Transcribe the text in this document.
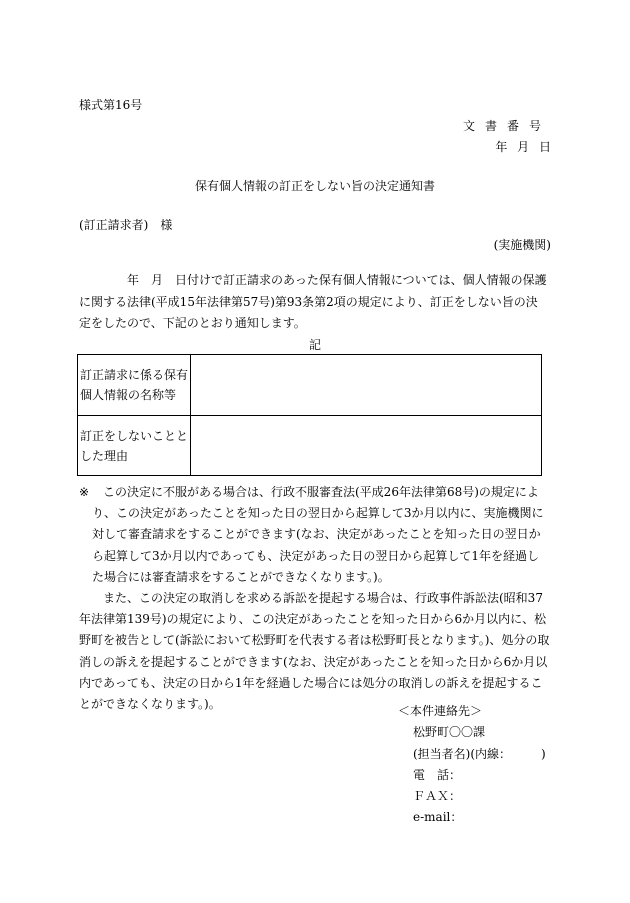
様式第16号
文書番号
年 月 日
保有個人情報の訂正をしない旨の決定通知書
(訂正請求者)　様
(実施機関)
年　月　日付けで訂正請求のあった保有個人情報については、個人情報の保護に関する法律(平成15年法律第57号)第93条第2項の規定により、訂正をしない旨の決定をしたので、下記のとおり通知します。
記
訂正請求に係る保有個人情報の名称等	
訂正をしないこととした理由	
※	この決定に不服がある場合は、行政不服審査法(平成26年法律第68号)の規定により、この決定があったことを知った日の翌日から起算して3か月以内に、実施機関に対して審査請求をすることができます(なお、決定があったことを知った日の翌日から起算して3か月以内であっても、決定があった日の翌日から起算して1年を経過した場合には審査請求をすることができなくなります。)。
また、この決定の取消しを求める訴訟を提起する場合は、行政事件訴訟法(昭和37年法律第139号)の規定により、この決定があったことを知った日から6か月以内に、松野町を被告として(訴訟において松野町を代表する者は松野町長となります。)、処分の取消しの訴えを提起することができます(なお、決定があったことを知った日から6か月以内であっても、決定の日から1年を経過した場合には処分の取消しの訴えを提起することができなくなります。)。	＜本件連絡先＞
松野町〇〇課
(担当者名)(内線：　　　)
電　話：
ＦＡＸ：
e-mail：
